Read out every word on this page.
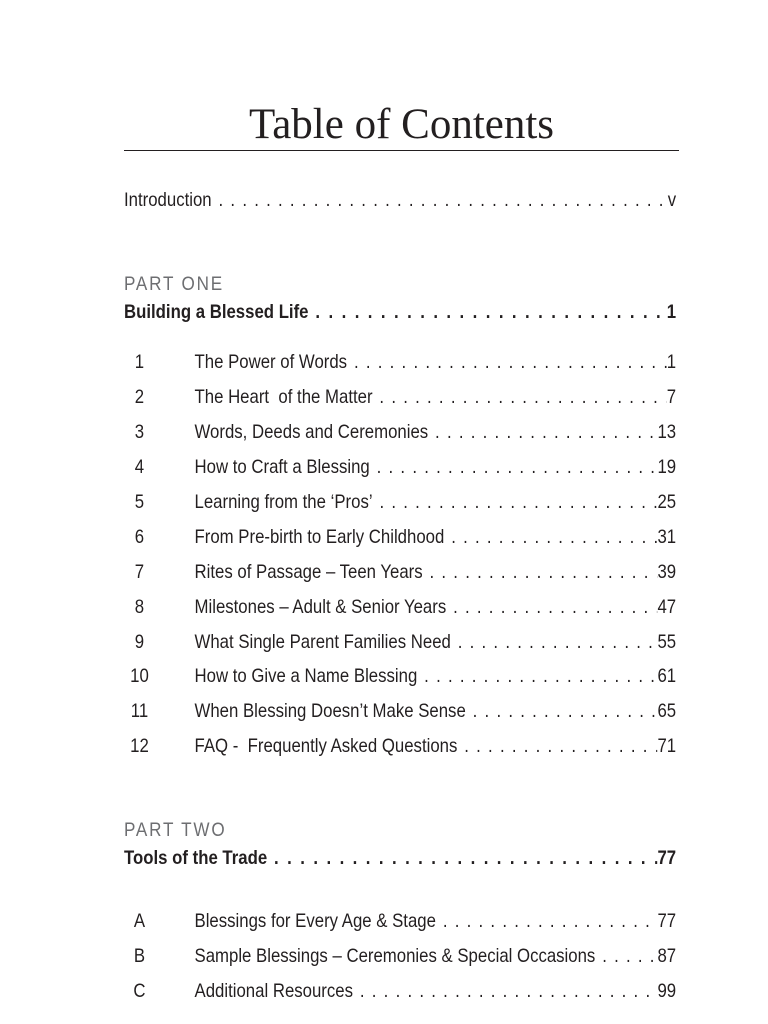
Table of Contents
Introduction . . .	v
PART ONE
Building a Blessed Life . . .	1
1	The Power of Words . . .	1
2	The Heart  of the Matter . . .	7
3	Words, Deeds and Ceremonies . . .	13
4	How to Craft a Blessing . . .	19
5	Learning from the ‘Pros’ . . .	25
6	From Pre-birth to Early Childhood . . .	31
7	Rites of Passage – Teen Years . . .	39
8	Milestones – Adult & Senior Years . . .	47
9	What Single Parent Families Need . . .	55
10	How to Give a Name Blessing . . .	61
11	When Blessing Doesn’t Make Sense . . .	65
12	FAQ -  Frequently Asked Questions . . .	71
PART TWO
Tools of the Trade . . .	77
A	Blessings for Every Age & Stage . . .	77
B	Sample Blessings – Ceremonies & Special Occasions . . .	87
C	Additional Resources . . .	99
